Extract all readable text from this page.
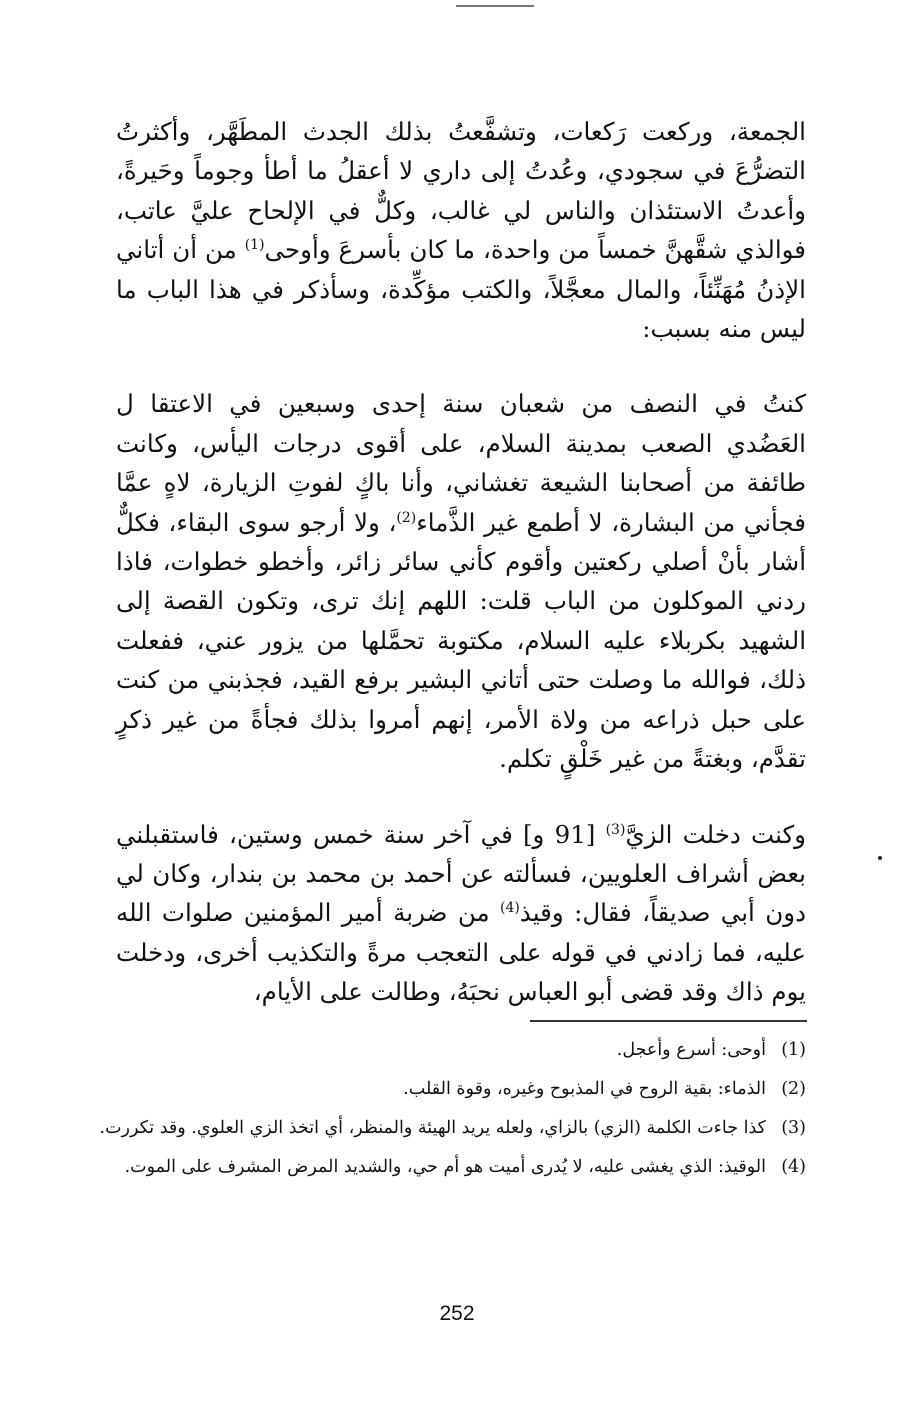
الجمعة، وركعت رَكعات، وتشفَّعتُ بذلك الجدث المطَهَّر، وأكثرتُ التضرُّعَ في سجودي، وعُدتُ إلى داري لا أعقلُ ما أطأ وجوماً وحَيرةً، وأعدتُ الاستئذان والناس لي غالب، وكلٌّ في الإلحاح عليَّ عاتب، فوالذي شقَّهنَّ خمساً من واحدة، ما كان بأسرعَ وأوحى$^{(1)}$ من أن أتاني الإذنُ مُهَنِّئاً، والمال معجَّلاً، والكتب مؤكِّدة، وسأذكر في هذا الباب ما ليس منه بسبب:

كنتُ في النصف من شعبان سنة إحدى وسبعين في الاعتقا ل العَضُدي الصعب بمدينة السلام، على أقوى درجات اليأس، وكانت طائفة من أصحابنا الشيعة تغشاني، وأنا باكٍ لفوتِ الزيارة، لاهٍ عمَّا فجأني من البشارة، لا أطمع غير الذَّماء$^{(2)}$، ولا أرجو سوى البقاء، فكلٌّ أشار بأنْ أصلي ركعتين وأقوم كأني سائر زائر، وأخطو خطوات، فاذا ردني الموكلون من الباب قلت: اللهم إنك ترى، وتكون القصة إلى الشهيد بكربلاء عليه السلام، مكتوبة تحمَّلها من يزور عني، ففعلت ذلك، فوالله ما وصلت حتى أتاني البشير برفع القيد، فجذبني من كنت على حبل ذراعه من ولاة الأمر، إنهم أمروا بذلك فجأةً من غير ذكرٍ تقدَّم، وبغتةً من غير خَلْقٍ تكلم.

وكنت دخلت الزيَّ$^{(3)}$ [91 و] في آخر سنة خمس وستين، فاستقبلني بعض أشراف العلويين، فسألته عن أحمد بن محمد بن بندار، وكان لي دون أبي صديقاً، فقال: وقيذ$^{(4)}$ من ضربة أمير المؤمنين صلوات الله عليه، فما زادني في قوله على التعجب مرةً والتكذيب أخرى، ودخلت يوم ذاك وقد قضى أبو العباس نحبَهُ، وطالت على الأيام،

(1)
أوحى: أسرع وأعجل.
(2)
الذماء: بقية الروح في المذبوح وغيره، وقوة القلب.
(3)
كذا جاءت الكلمة (الزي) بالزاي، ولعله يريد الهيئة والمنظر، أي اتخذ الزي العلوي. وقد تكررت.
(4)
الوقيذ: الذي يغشى عليه، لا يُدرى أميت هو أم حي، والشديد المرض المشرف على الموت.
252
